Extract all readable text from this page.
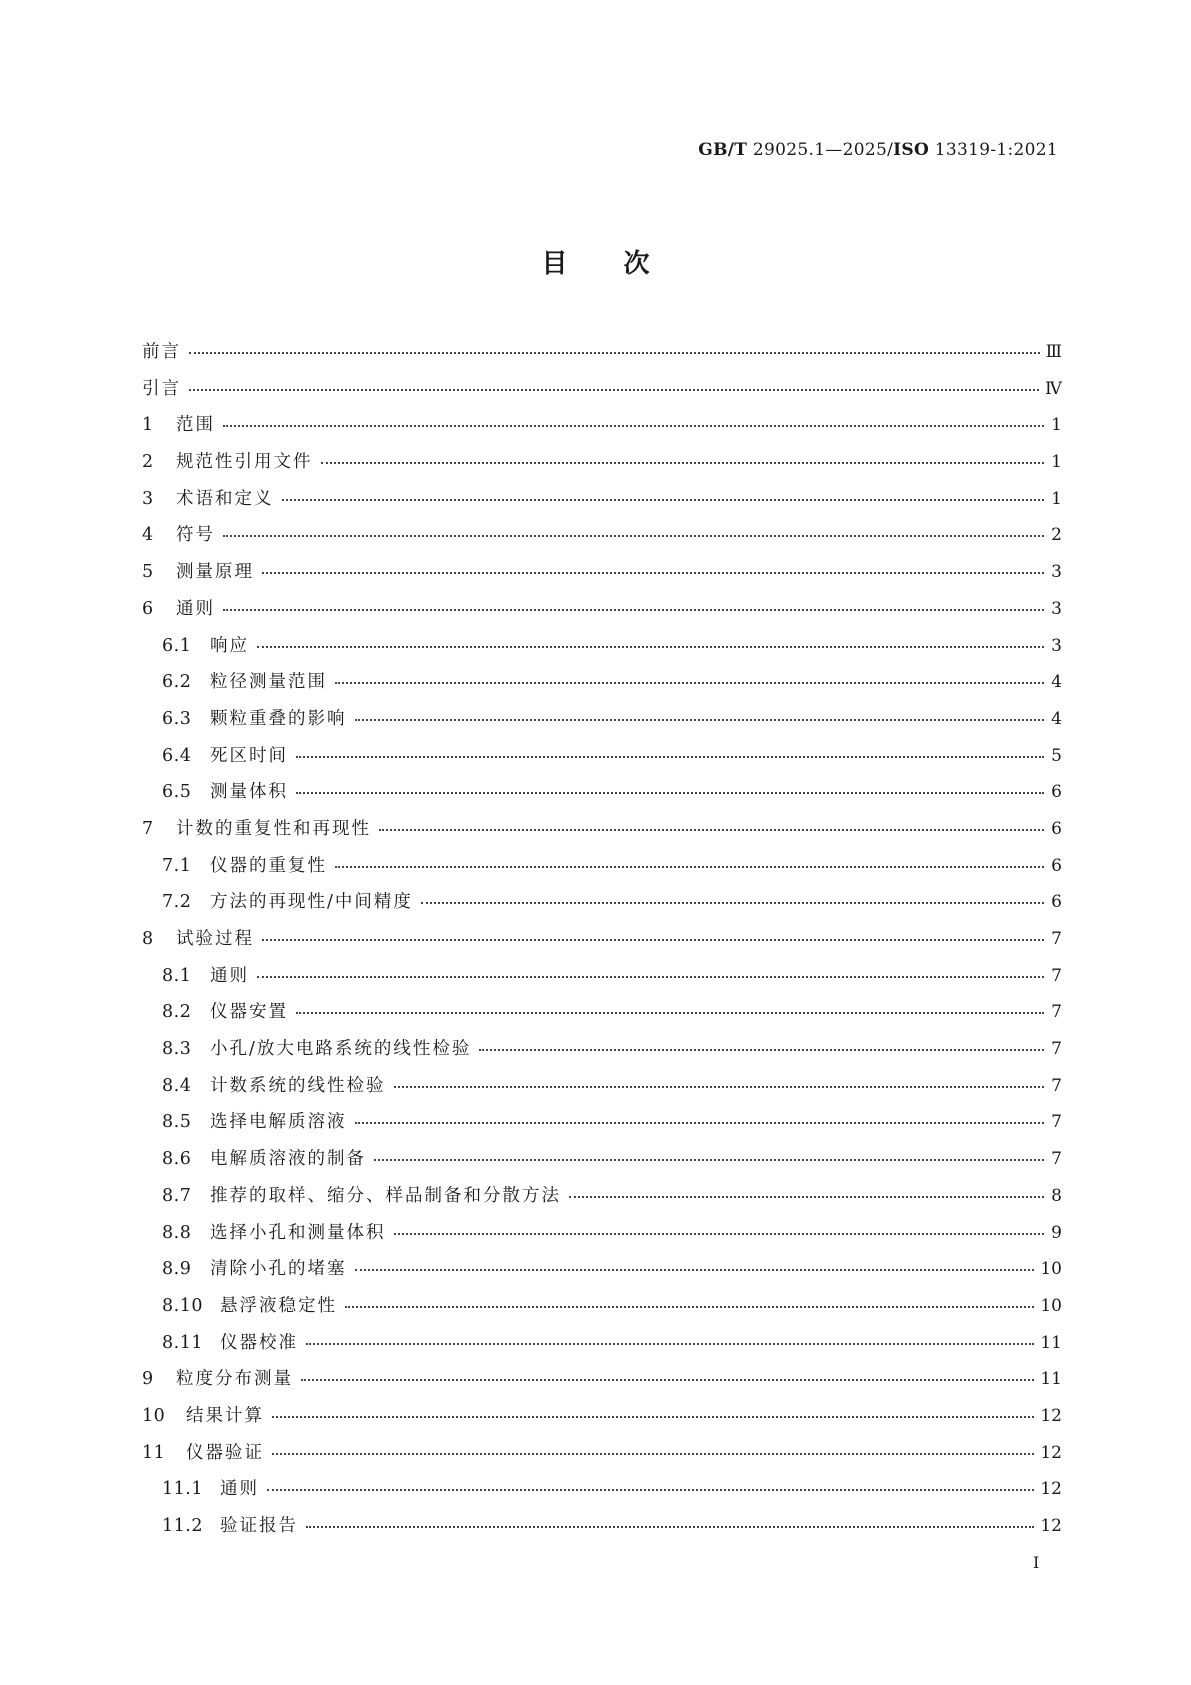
GB/T 29025.1—2025/ISO 13319-1:2021
目次
前言	Ⅲ
引言	Ⅳ
1	范围	1
2	规范性引用文件	1
3	术语和定义	1
4	符号	2
5	测量原理	3
6	通则	3
6.1	响应	3
6.2	粒径测量范围	4
6.3	颗粒重叠的影响	4
6.4	死区时间	5
6.5	测量体积	6
7	计数的重复性和再现性	6
7.1	仪器的重复性	6
7.2	方法的再现性/中间精度	6
8	试验过程	7
8.1	通则	7
8.2	仪器安置	7
8.3	小孔/放大电路系统的线性检验	7
8.4	计数系统的线性检验	7
8.5	选择电解质溶液	7
8.6	电解质溶液的制备	7
8.7	推荐的取样、缩分、样品制备和分散方法	8
8.8	选择小孔和测量体积	9
8.9	清除小孔的堵塞	10
8.10 悬浮液稳定性	10
8.11 仪器校准	11
9	粒度分布测量	11
10	结果计算	12
11	仪器验证	12
11.1 通则	12
11.2 验证报告	12
I
